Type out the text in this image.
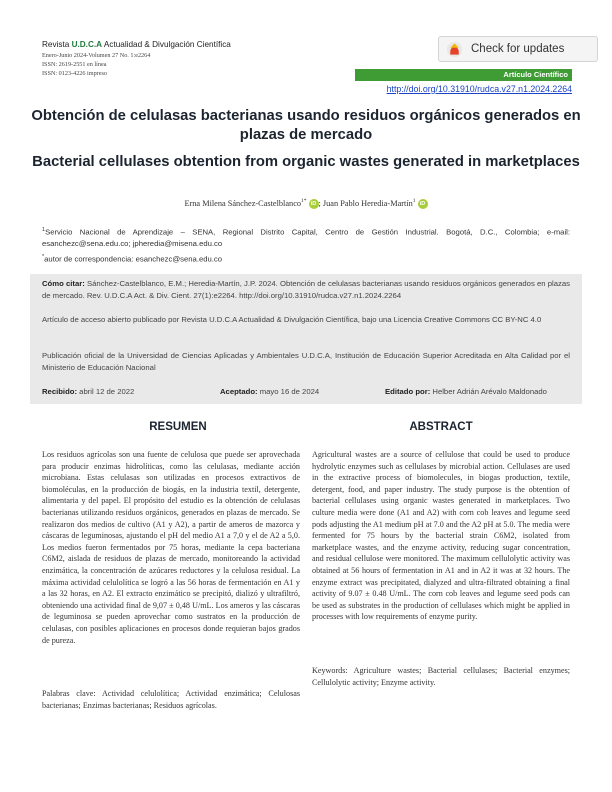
Revista U.D.C.A Actualidad & Divulgación Científica
Enero-Junio 2024-Volumen 27 No. 1:e2264
ISSN: 2619-2551 en línea
ISSN: 0123-4226 impreso
Check for updates
Artículo Científico
http://doi.org/10.31910/rudca.v27.n1.2024.2264
Obtención de celulasas bacterianas usando residuos orgánicos generados en plazas de mercado
Bacterial cellulases obtention from organic wastes generated in marketplaces
Erna Milena Sánchez-Castelblanco$^{1*}$ iD ; Juan Pablo Heredia-Martín$^1$ iD
$^1$Servicio Nacional de Aprendizaje – SENA, Regional Distrito Capital, Centro de Gestión Industrial. Bogotá, D.C., Colombia; e-mail: esanchezc@sena.edu.co; jpheredia@misena.edu.co
*autor de correspondencia: esanchezc@sena.edu.co
Cómo citar: Sánchez-Castelblanco, E.M.; Heredia-Martín, J.P. 2024. Obtención de celulasas bacterianas usando residuos orgánicos generados en plazas de mercado. Rev. U.D.C.A Act. & Div. Cient. 27(1):e2264. http://doi.org/10.31910/rudca.v27.n1.2024.2264
Artículo de acceso abierto publicado por Revista U.D.C.A Actualidad & Divulgación Científica, bajo una Licencia Creative Commons CC BY-NC 4.0
Publicación oficial de la Universidad de Ciencias Aplicadas y Ambientales U.D.C.A, Institución de Educación Superior Acreditada en Alta Calidad por el Ministerio de Educación Nacional
Recibido: abril 12 de 2022	Aceptado: mayo 16 de 2024	Editado por: Helber Adrián Arévalo Maldonado
RESUMEN
Los residuos agrícolas son una fuente de celulosa que puede ser aprovechada para producir enzimas hidrolíticas, como las celulasas, mediante acción microbiana. Estas celulasas son utilizadas en procesos extractivos de biomoléculas, en la producción de biogás, en la industria textil, detergente, alimentaria y del papel. El propósito del estudio es la obtención de celulasas bacterianas utilizando residuos orgánicos, generados en plazas de mercado. Se realizaron dos medios de cultivo (A1 y A2), a partir de ameros de mazorca y cáscaras de leguminosas, ajustando el pH del medio A1 a 7,0 y el de A2 a 5,0. Los medios fueron fermentados por 75 horas, mediante la cepa bacteriana C6M2, aislada de residuos de plazas de mercado, monitoreando la actividad enzimática, la concentración de azúcares reductores y la celulosa residual. La máxima actividad celulolítica se logró a las 56 horas de fermentación en A1 y a las 32 horas, en A2. El extracto enzimático se precipitó, dializó y ultrafiltró, obteniendo una actividad final de 9,07 ± 0,48 U/mL. Los ameros y las cáscaras de leguminosa se pueden aprovechar como sustratos en la producción de celulasas, con posibles aplicaciones en procesos donde requieran bajos grados de pureza.
Palabras clave: Actividad celulolítica; Actividad enzimática; Celulosas bacterianas; Enzimas bacterianas; Residuos agrícolas.
ABSTRACT
Agricultural wastes are a source of cellulose that could be used to produce hydrolytic enzymes such as cellulases by microbial action. Cellulases are used in the extractive process of biomolecules, in biogas production, textile, detergent, food, and paper industry. The study purpose is the obtention of bacterial cellulases using organic wastes generated in marketplaces. Two culture media were done (A1 and A2) with corn cob leaves and legume seed pods adjusting the A1 medium pH at 7.0 and the A2 pH at 5.0. The media were fermented for 75 hours by the bacterial strain C6M2, isolated from marketplace wastes, and the enzyme activity, reducing sugar concentration, and residual cellulose were monitored. The maximum cellulolytic activity was obtained at 56 hours of fermentation in A1 and in A2 it was at 32 hours. The enzyme extract was precipitated, dialyzed and ultra-filtrated obtaining a final activity of 9.07 ± 0.48 U/mL. The corn cob leaves and legume seed pods can be used as substrates in the production of cellulases which might be applied in processes with low requirements of enzyme purity.
Keywords: Agriculture wastes; Bacterial cellulases; Bacterial enzymes; Cellulolytic activity; Enzyme activity.
